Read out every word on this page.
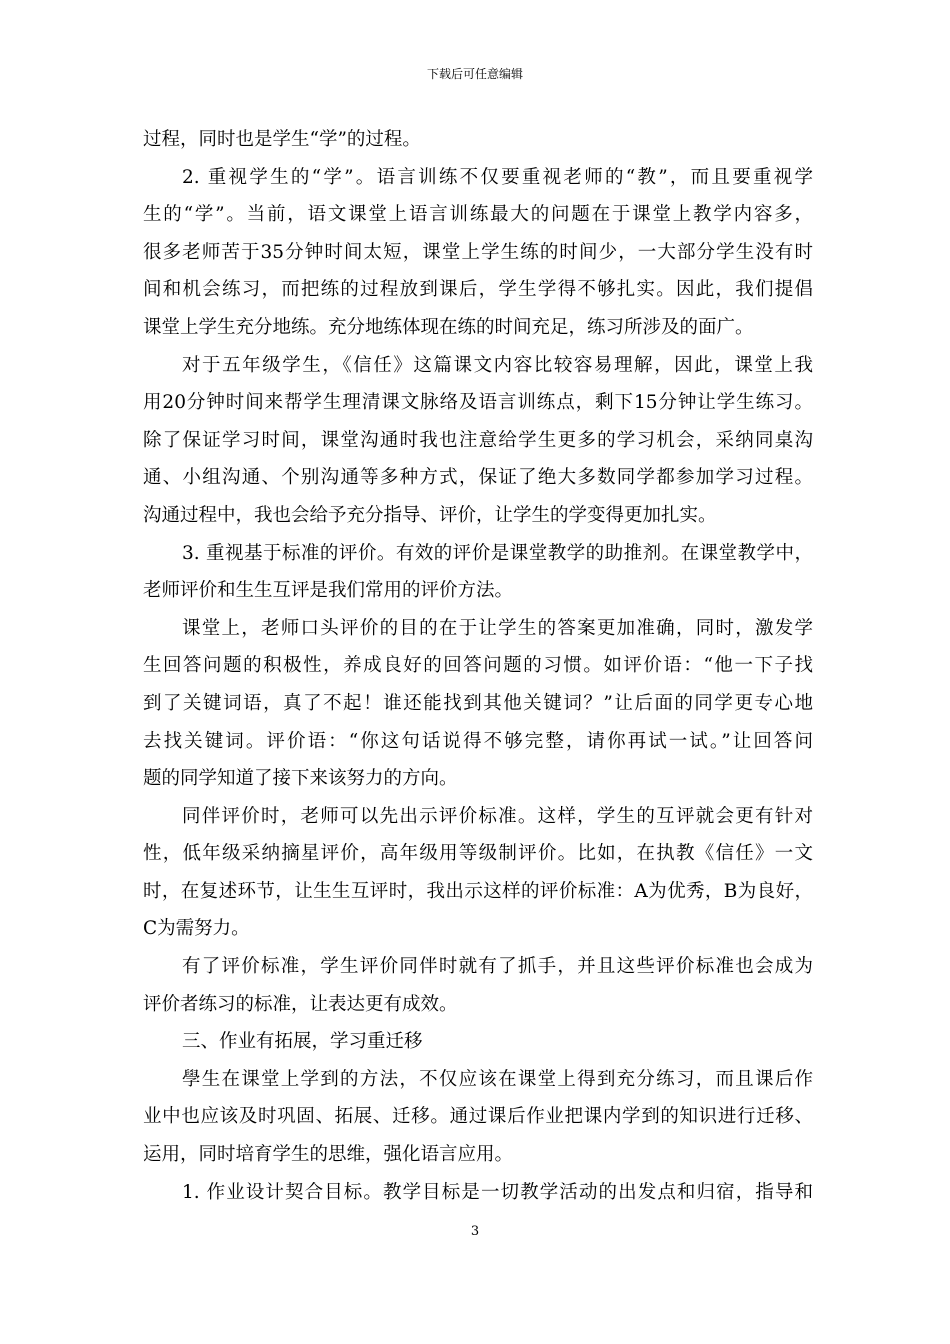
下载后可任意编辑
过程，同时也是学生“学”的过程。
2. 重视学生的“学”。语言训练不仅要重视老师的“教”，而且要重视学
生的“学”。当前，语文课堂上语言训练最大的问题在于课堂上教学内容多，
很多老师苦于35分钟时间太短，课堂上学生练的时间少，一大部分学生没有时
间和机会练习，而把练的过程放到课后，学生学得不够扎实。因此，我们提倡
课堂上学生充分地练。充分地练体现在练的时间充足，练习所涉及的面广。
对于五年级学生，《信任》这篇课文内容比较容易理解，因此，课堂上我
用20分钟时间来帮学生理清课文脉络及语言训练点，剩下15分钟让学生练习。
除了保证学习时间，课堂沟通时我也注意给学生更多的学习机会，采纳同桌沟
通、小组沟通、个别沟通等多种方式，保证了绝大多数同学都参加学习过程。
沟通过程中，我也会给予充分指导、评价，让学生的学变得更加扎实。
3. 重视基于标准的评价。有效的评价是课堂教学的助推剂。在课堂教学中，
老师评价和生生互评是我们常用的评价方法。
课堂上，老师口头评价的目的在于让学生的答案更加准确，同时，激发学
生回答问题的积极性，养成良好的回答问题的习惯。如评价语：“他一下子找
到了关键词语，真了不起！谁还能找到其他关键词？”让后面的同学更专心地
去找关键词。评价语：“你这句话说得不够完整，请你再试一试。”让回答问
题的同学知道了接下来该努力的方向。
同伴评价时，老师可以先出示评价标准。这样，学生的互评就会更有针对
性，低年级采纳摘星评价，高年级用等级制评价。比如，在执教《信任》一文
时，在复述环节，让生生互评时，我出示这样的评价标准：A为优秀，B为良好，
C为需努力。
有了评价标准，学生评价同伴时就有了抓手，并且这些评价标准也会成为
评价者练习的标准，让表达更有成效。
三、作业有拓展，学习重迁移
學生在课堂上学到的方法，不仅应该在课堂上得到充分练习，而且课后作
业中也应该及时巩固、拓展、迁移。通过课后作业把课内学到的知识进行迁移、
运用，同时培育学生的思维，强化语言应用。
1. 作业设计契合目标。教学目标是一切教学活动的出发点和归宿，指导和
3
